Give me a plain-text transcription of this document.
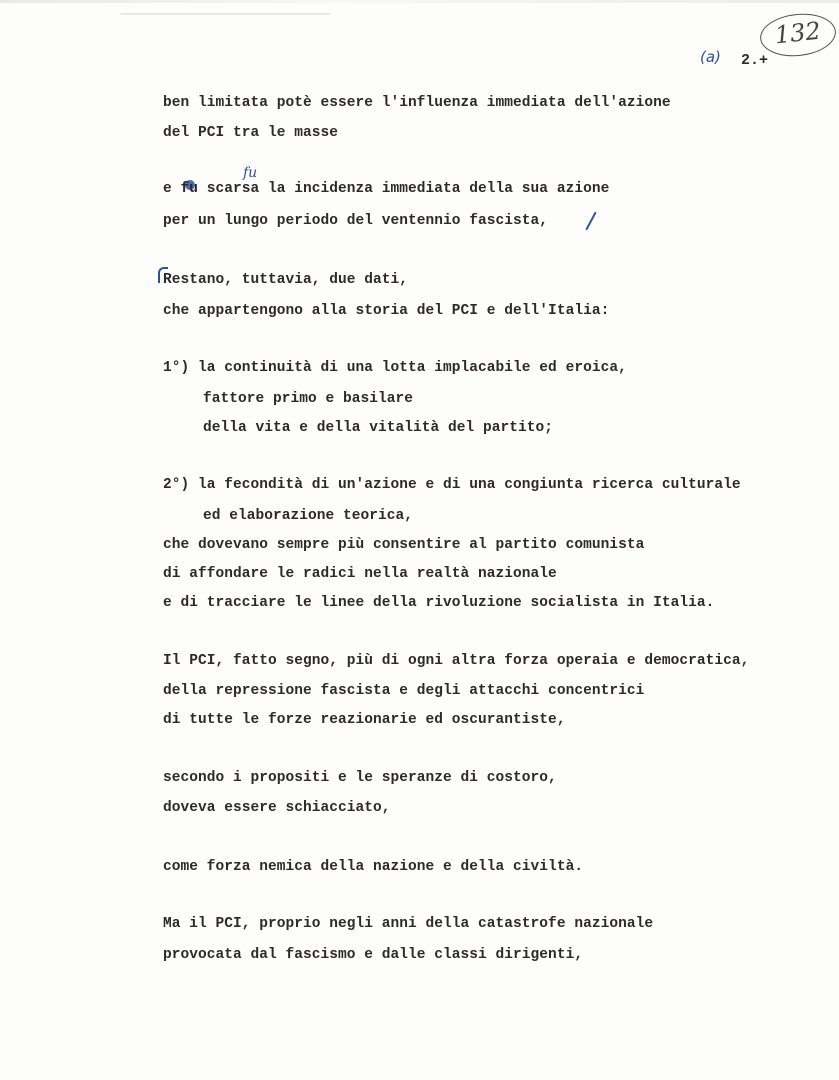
132
(a) 2.+
fu
ben limitata potè essere l'influenza immediata dell'azione
del PCI tra le masse
e fu scarsa la incidenza immediata della sua azione
per un lungo periodo del ventennio fascista,
Restano, tuttavia, due dati,
che appartengono alla storia del PCI e dell'Italia:
1°) la continuità di una lotta implacabile ed eroica,
fattore primo e basilare
della vita e della vitalità del partito;
2°) la fecondità di un'azione e di una congiunta ricerca culturale
ed elaborazione teorica,
che dovevano sempre più consentire al partito comunista
di affondare le radici nella realtà nazionale
e di tracciare le linee della rivoluzione socialista in Italia.
Il PCI, fatto segno, più di ogni altra forza operaia e democratica,
della repressione fascista e degli attacchi concentrici
di tutte le forze reazionarie ed oscurantiste,
secondo i propositi e le speranze di costoro,
doveva essere schiacciato,
come forza nemica della nazione e della civiltà.
Ma il PCI, proprio negli anni della catastrofe nazionale
provocata dal fascismo e dalle classi dirigenti,
